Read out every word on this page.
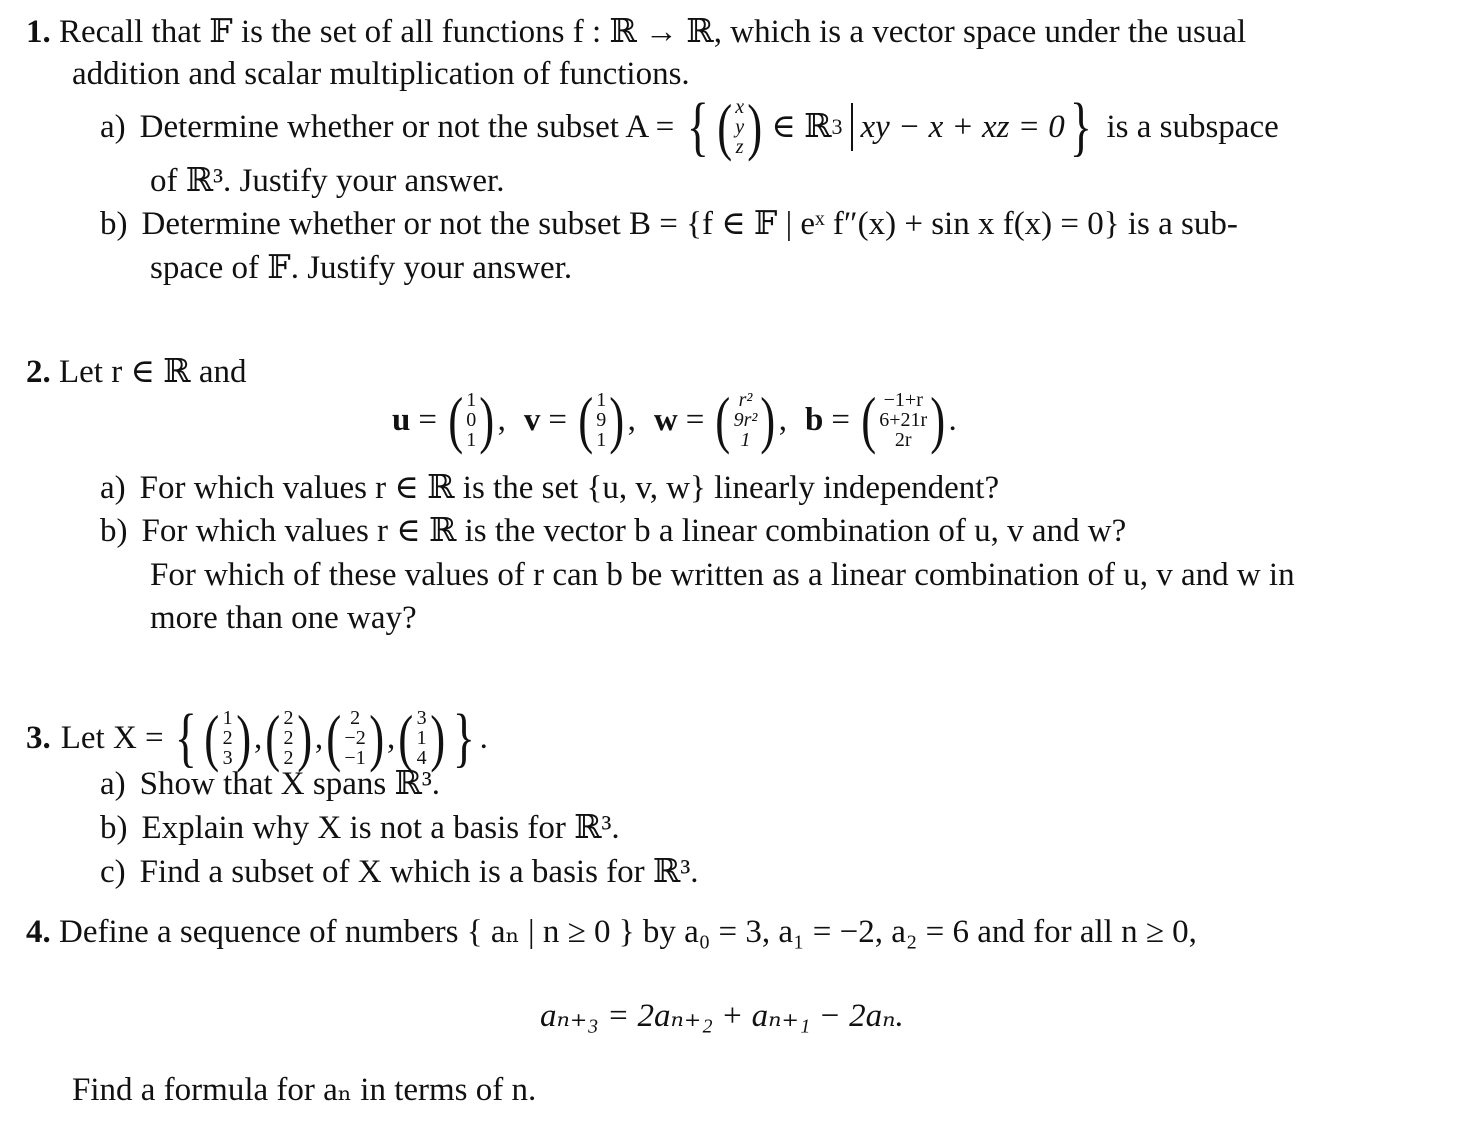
1. Recall that 𝔽 is the set of all functions f : ℝ → ℝ, which is a vector space under the usual
addition and scalar multiplication of functions.
a) Determine whether or not the subset A = { ( x
y
z ) ∈ ℝ 3 xy − x + xz = 0 } is a subspace
of ℝ³. Justify your answer.
b) Determine whether or not the subset B = {f ∈ 𝔽 | eˣ f″(x) + sin x f(x) = 0} is a sub-
space of 𝔽. Justify your answer.
2. Let r ∈ ℝ and
u = ( 1
0
1 ) , v = ( 1
9
1 ) , w = ( r²
9r²
1 ) , b = ( −1+r
6+21r
2r ) .
a) For which values r ∈ ℝ is the set {u, v, w} linearly independent?
b) For which values r ∈ ℝ is the vector b a linear combination of u, v and w?
For which of these values of r can b be written as a linear combination of u, v and w in
more than one way?
3. Let X = { ( 1
2
3 ) , ( 2
2
2 ) , ( 2
−2
−1 ) , ( 3
1
4 ) } .
a) Show that X spans ℝ³.
b) Explain why X is not a basis for ℝ³.
c) Find a subset of X which is a basis for ℝ³.
4. Define a sequence of numbers { aₙ | n ≥ 0 } by a₀ = 3, a₁ = −2, a₂ = 6 and for all n ≥ 0,
aₙ₊₃ = 2aₙ₊₂ + aₙ₊₁ − 2aₙ.
Find a formula for aₙ in terms of n.
